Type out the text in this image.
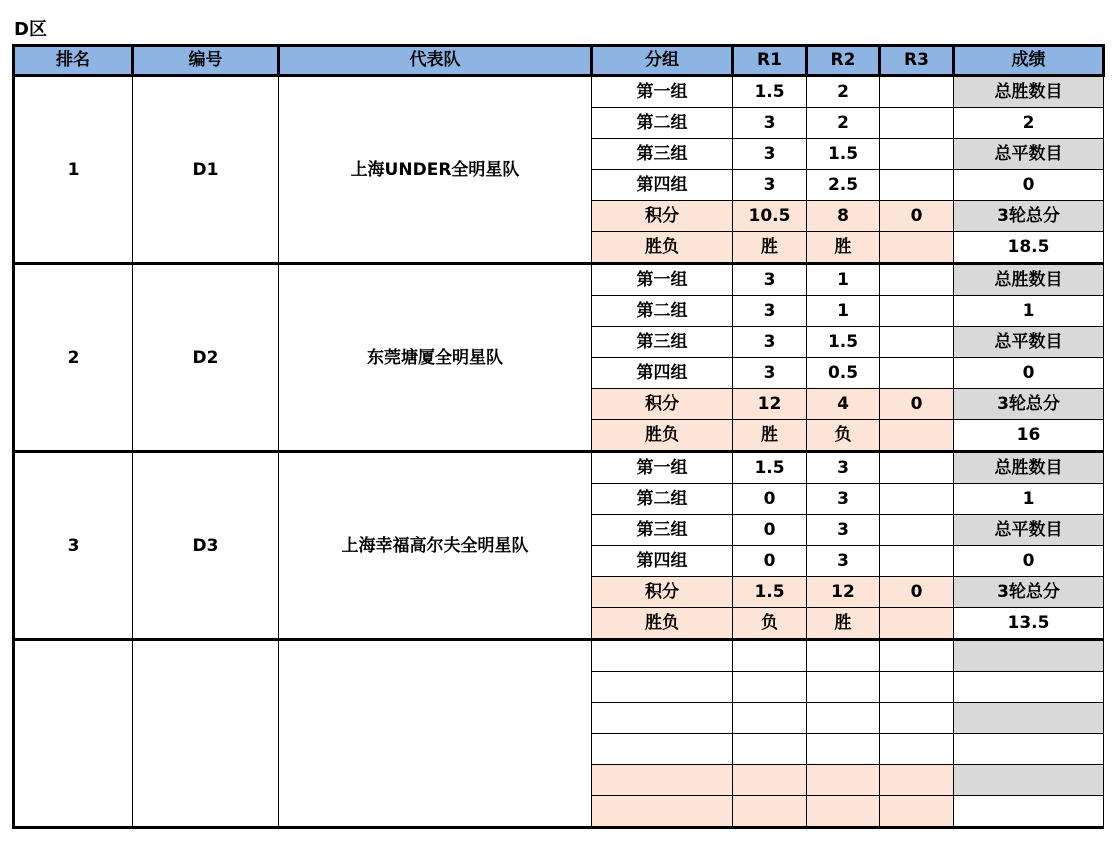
D区
排名	编号	代表队	分组	R1	R2	R3	成绩
1	D1	上海UNDER全明星队	第一组	1.5	2		总胜数目
			第二组	3	2		2
			第三组	3	1.5		总平数目
			第四组	3	2.5		0
			积分	10.5	8	0	3轮总分
			胜负	胜	胜		18.5
2	D2	东莞塘厦全明星队	第一组	3	1		总胜数目
			第二组	3	1		1
			第三组	3	1.5		总平数目
			第四组	3	0.5		0
			积分	12	4	0	3轮总分
			胜负	胜	负		16
3	D3	上海幸福高尔夫全明星队	第一组	1.5	3		总胜数目
			第二组	0	3		1
			第三组	0	3		总平数目
			第四组	0	3		0
			积分	1.5	12	0	3轮总分
			胜负	负	胜		13.5
